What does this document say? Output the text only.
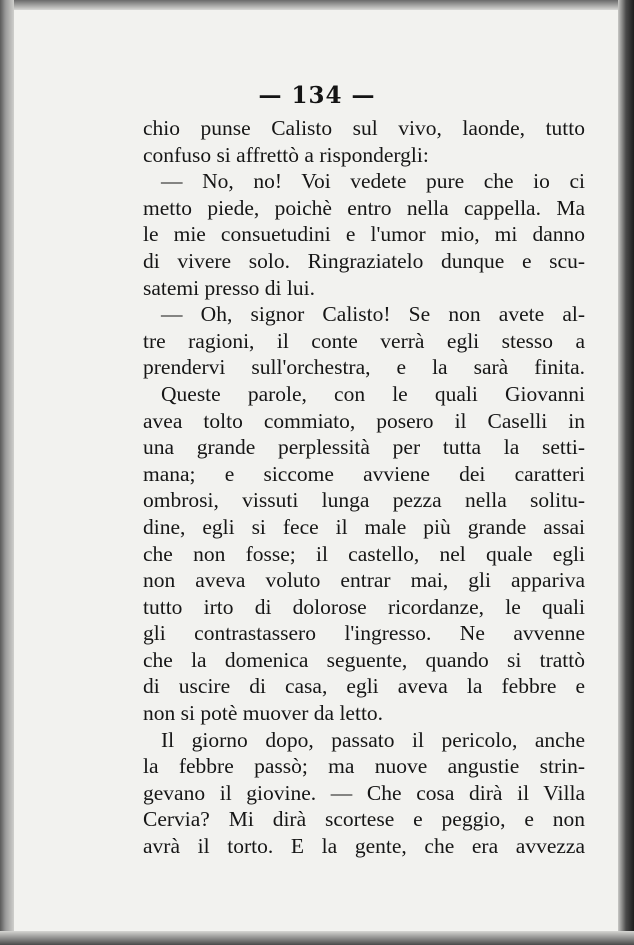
— 134 —
chio punse Calisto sul vivo, laonde, tutto
confuso si affrettò a rispondergli:
— No, no! Voi vedete pure che io ci
metto piede, poichè entro nella cappella. Ma
le mie consuetudini e l'umor mio, mi danno
di vivere solo. Ringraziatelo dunque e scu-
satemi presso di lui.
— Oh, signor Calisto! Se non avete al-
tre ragioni, il conte verrà egli stesso a
prendervi sull'orchestra, e la sarà finita.
Queste parole, con le quali Giovanni
avea tolto commiato, posero il Caselli in
una grande perplessità per tutta la setti-
mana; e siccome avviene dei caratteri
ombrosi, vissuti lunga pezza nella solitu-
dine, egli si fece il male più grande assai
che non fosse; il castello, nel quale egli
non aveva voluto entrar mai, gli appariva
tutto irto di dolorose ricordanze, le quali
gli contrastassero l'ingresso. Ne avvenne
che la domenica seguente, quando si trattò
di uscire di casa, egli aveva la febbre e
non si potè muover da letto.
Il giorno dopo, passato il pericolo, anche
la febbre passò; ma nuove angustie strin-
gevano il giovine. — Che cosa dirà il Villa
Cervia? Mi dirà scortese e peggio, e non
avrà il torto. E la gente, che era avvezza
